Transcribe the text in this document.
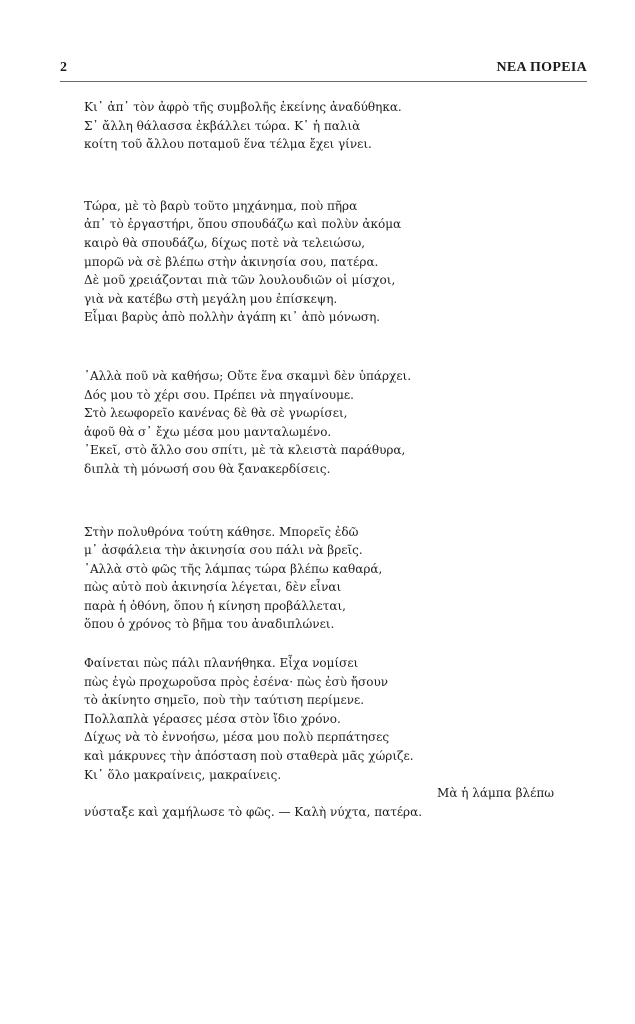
2	ΝΕΑ ΠΟΡΕΙΑ
Κι᾽ ἀπ᾽ τὸν ἀφρὸ τῆς συμβολῆς ἐκείνης ἀναδύθηκα.
Σ᾽ ἄλλη θάλασσα ἐκβάλλει τώρα. Κ᾽ ἡ παλιὰ
κοίτη τοῦ ἄλλου ποταμοῦ ἕνα τέλμα ἔχει γίνει.
Τώρα, μὲ τὸ βαρὺ τοῦτο μηχάνημα, ποὺ πῆρα
ἀπ᾽ τὸ ἐργαστήρι, ὅπου σπουδάζω καὶ πολὺν ἀκόμα
καιρὸ θὰ σπουδάζω, δίχως ποτὲ νὰ τελειώσω,
μπορῶ νὰ σὲ βλέπω στὴν ἀκινησία σου, πατέρα.
Δὲ μοῦ χρειάζονται πιὰ τῶν λουλουδιῶν οἱ μίσχοι,
γιὰ νὰ κατέβω στὴ μεγάλη μου ἐπίσκεψη.
Εἶμαι βαρὺς ἀπὸ πολλὴν ἀγάπη κι᾽ ἀπὸ μόνωση.
᾽Αλλὰ ποῦ νὰ καθήσω; Οὔτε ἕνα σκαμνὶ δὲν ὑπάρχει.
Δός μου τὸ χέρι σου. Πρέπει νὰ πηγαίνουμε.
Στὸ λεωφορεῖο κανένας δὲ θὰ σὲ γνωρίσει,
ἀφοῦ θὰ σ᾽ ἔχω μέσα μου μανταλωμένο.
᾽Εκεῖ, στὸ ἄλλο σου σπίτι, μὲ τὰ κλειστὰ παράθυρα,
διπλὰ τὴ μόνωσή σου θὰ ξανακερδίσεις.
Στὴν πολυθρόνα τούτη κάθησε. Μπορεῖς ἐδῶ
μ᾽ ἀσφάλεια τὴν ἀκινησία σου πάλι νὰ βρεῖς.
᾽Αλλὰ στὸ φῶς τῆς λάμπας τώρα βλέπω καθαρά,
πὼς αὐτὸ ποὺ ἀκινησία λέγεται, δὲν εἶναι
παρὰ ἡ ὀθόνη, ὅπου ἡ κίνηση προβάλλεται,
ὅπου ὁ χρόνος τὸ βῆμα του ἀναδιπλώνει.
Φαίνεται πὼς πάλι πλανήθηκα. Εἶχα νομίσει
πὼς ἐγὼ προχωροῦσα πρὸς ἐσένα· πὼς ἐσὺ ἤσουν
τὸ ἀκίνητο σημεῖο, ποὺ τὴν ταύτιση περίμενε.
Πολλαπλὰ γέρασες μέσα στὸν ἴδιο χρόνο.
Δίχως νὰ τὸ ἐννοήσω, μέσα μου πολὺ περπάτησες
καὶ μάκρυνες τὴν ἀπόσταση ποὺ σταθερὰ μᾶς χώριζε.
Κι᾽ ὅλο μακραίνεις, μακραίνεις.
Μὰ ἡ λάμπα βλέπω
νύσταξε καὶ χαμήλωσε τὸ φῶς. — Καλὴ νύχτα, πατέρα.
